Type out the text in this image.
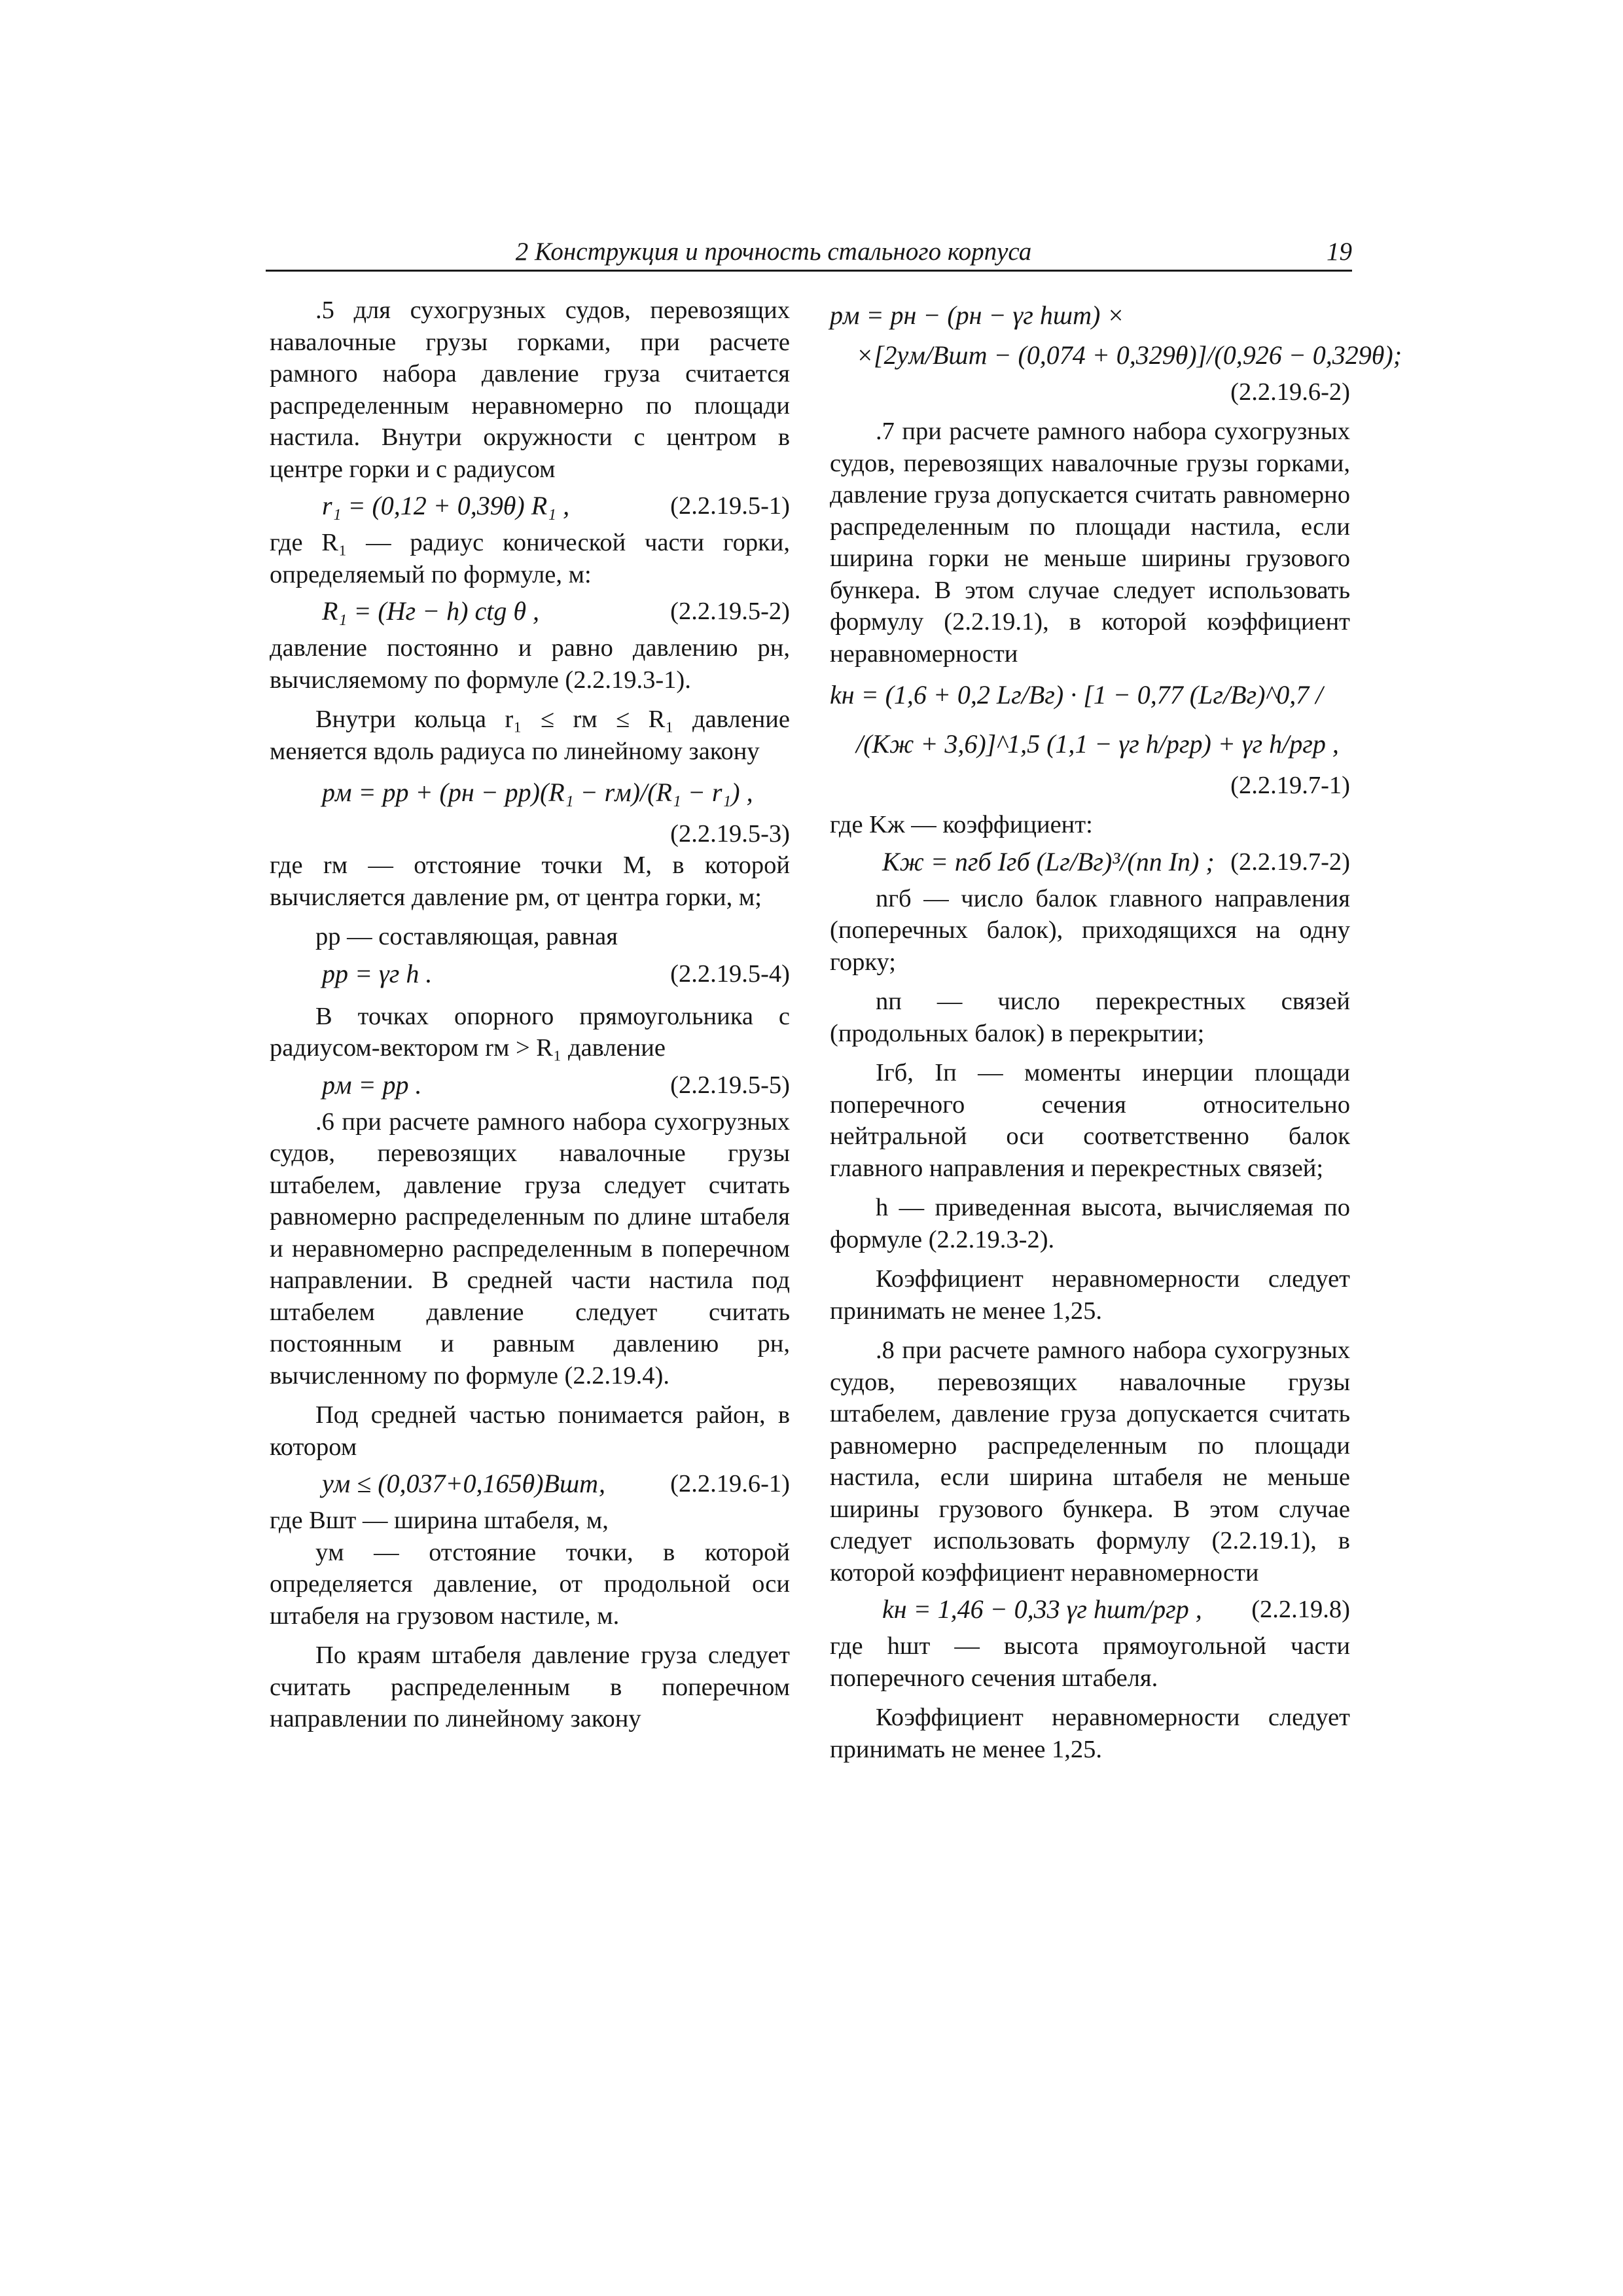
2 Конструкция и прочность стального корпуса	19

.5 для сухогрузных судов, перевозящих навалочные грузы горками, при расчете рамного набора давление груза считается распределенным неравномерно по площади настила. Внутри окружности с центром в центре горки и с радиусом

r₁ = (0,12 + 0,39θ) R₁ ,	(2.2.19.5-1)

где R₁ — радиус конической части горки, определяемый по формуле, м:

R₁ = (Hг − h) ctg θ ,	(2.2.19.5-2)

давление постоянно и равно давлению pн, вычисляемому по формуле (2.2.19.3-1).

Внутри кольца r₁ ≤ rм ≤ R₁ давление меняется вдоль радиуса по линейному закону

pм = pр + (pн − pр)(R₁ − rм)/(R₁ − r₁) ,
(2.2.19.5-3)

где rм — отстояние точки M, в которой вычисляется давление pм, от центра горки, м;

pр — составляющая, равная

pр = γг h .	(2.2.19.5-4)

В точках опорного прямоугольника с радиусом-вектором rм > R₁ давление

pм = pр .	(2.2.19.5-5)

.6 при расчете рамного набора сухогрузных судов, перевозящих навалочные грузы штабелем, давление груза следует считать равномерно распределенным по длине штабеля и неравномерно распределенным в поперечном направлении. В средней части настила под штабелем давление следует считать постоянным и равным давлению pн, вычисленному по формуле (2.2.19.4).

Под средней частью понимается район, в котором

yм ≤ (0,037+0,165θ)Bшт,	(2.2.19.6-1)

где Bшт — ширина штабеля, м,

yм — отстояние точки, в которой определяется давление, от продольной оси штабеля на грузовом настиле, м.

По краям штабеля давление груза следует считать распределенным в поперечном направлении по линейному закону

pм = pн − (pн − γг hшт) ×
×[2yм/Bшт − (0,074 + 0,329θ)]/(0,926 − 0,329θ);
(2.2.19.6-2)

.7 при расчете рамного набора сухогрузных судов, перевозящих навалочные грузы горками, давление груза допускается считать равномерно распределенным по площади настила, если ширина горки не меньше ширины грузового бункера. В этом случае следует использовать формулу (2.2.19.1), в которой коэффициент неравномерности

kн = (1,6 + 0,2 Lг/Bг) · [1 − 0,77 (Lг/Bг)^0,7 /
/(Kж + 3,6)]^1,5 (1,1 − γг h/pгр) + γг h/pгр ,
(2.2.19.7-1)

где Kж — коэффициент:

Kж = nгб Iгб (Lг/Bг)³/(nп Iп) ; (2.2.19.7-2)

nгб — число балок главного направления (поперечных балок), приходящихся на одну горку;

nп — число перекрестных связей (продольных балок) в перекрытии;

Iгб, Iп — моменты инерции площади поперечного сечения относительно нейтральной оси соответственно балок главного направления и перекрестных связей;

h — приведенная высота, вычисляемая по формуле (2.2.19.3-2).

Коэффициент неравномерности следует принимать не менее 1,25.

.8 при расчете рамного набора сухогрузных судов, перевозящих навалочные грузы штабелем, давление груза допускается считать равномерно распределенным по площади настила, если ширина штабеля не меньше ширины грузового бункера. В этом случае следует использовать формулу (2.2.19.1), в которой коэффициент неравномерности

kн = 1,46 − 0,33 γг hшт/pгр , (2.2.19.8)

где hшт — высота прямоугольной части поперечного сечения штабеля.

Коэффициент неравномерности следует принимать не менее 1,25.
